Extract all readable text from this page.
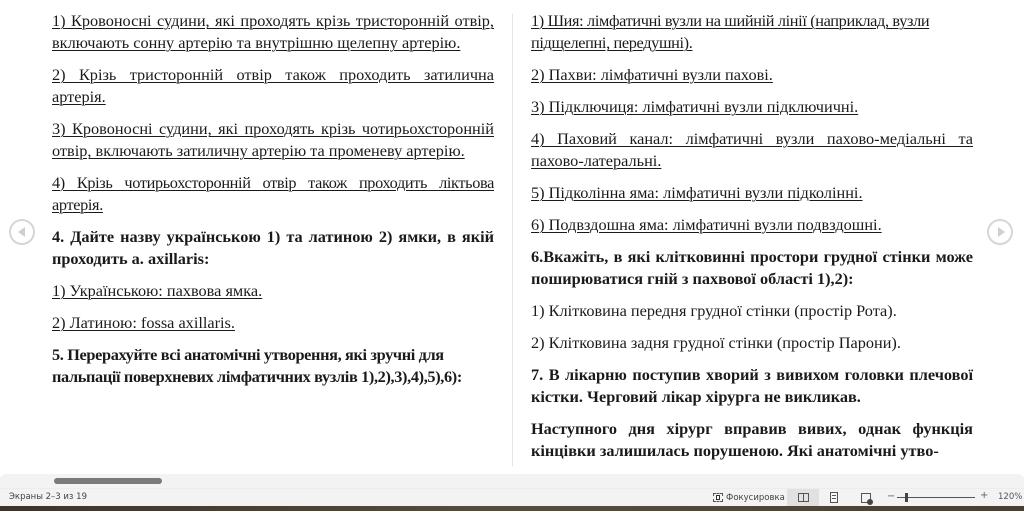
1) Кровоносні судини, які проходять крізь тристоронній отвір, включають сонну артерію та внутрішню щелепну артерію.

2) Крізь тристоронній отвір також проходить затилична артерія.

3) Кровоносні судини, які проходять крізь чотирьохсторонній отвір, включають затиличну артерію та променеву артерію.

4) Крізь чотирьохсторонній отвір також проходить ліктьова артерія.

4. Дайте назву українською 1) та латиною 2) ямки, в якій проходить a. axillaris:

1) Українською: пахвова ямка.

2) Латиною: fossa axillaris.

5. Перерахуйте всі анатомічні утворення, які зручні для пальпації поверхневих лімфатичних вузлів 1),2),3),4),5),6):

1) Шия: лімфатичні вузли на шийній лінії (наприклад, вузли підщелепні, передушні).

2) Пахви: лімфатичні вузли пахові.

3) Підключиця: лімфатичні вузли підключичні.

4) Паховий канал: лімфатичні вузли пахово-медіальні та пахово-латеральні.

5) Підколінна яма: лімфатичні вузли підколінні.

6) Подвздошна яма: лімфатичні вузли подвздошні.

6.Вкажіть, в які клітковинні простори грудної стінки може поширюватися гній з пахвової області 1),2):

1) Клітковина передня грудної стінки (простір Рота).

2) Клітковина задня грудної стінки (простір Парони).

7. В лікарню поступив хворий з вивихом головки плечової кістки. Черговий лікар хірурга не викликав.

Наступного дня хірург вправив вивих, однак функція кінцівки залишилась порушеною. Які анатомічні утво-

Экраны 2–3 из 19	Фокусировка	−	+ 120%
